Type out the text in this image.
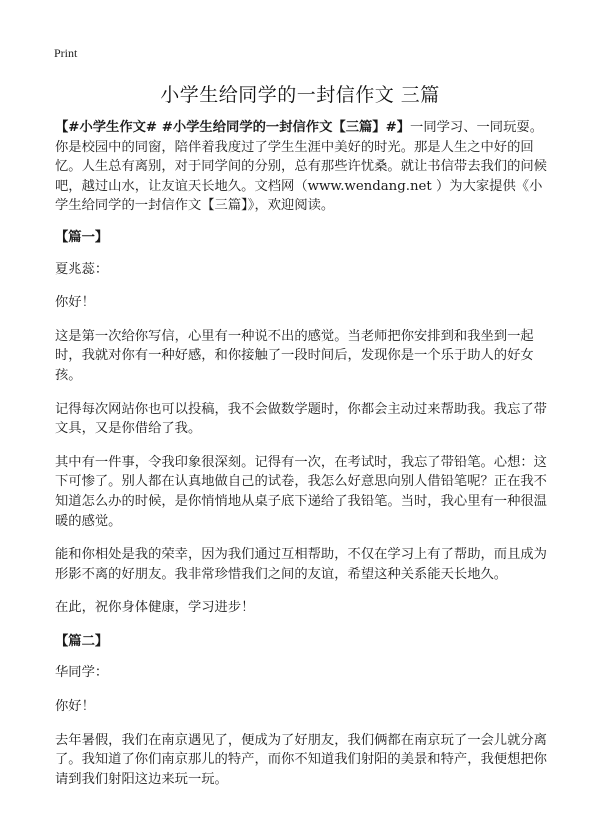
Print
小学生给同学的一封信作文 三篇

【#小学生作文# #小学生给同学的一封信作文【三篇】#】一同学习、一同玩耍。你是校园中的同窗，陪伴着我度过了学生生涯中美好的时光。那是人生之中好的回忆。人生总有离别，对于同学间的分别，总有那些许忧桑。就让书信带去我们的问候吧，越过山水，让友谊天长地久。文档网（www.wendang.net ）为大家提供《小学生给同学的一封信作文【三篇】》，欢迎阅读。

【篇一】

夏兆蕊：

你好！

这是第一次给你写信，心里有一种说不出的感觉。当老师把你安排到和我坐到一起时，我就对你有一种好感，和你接触了一段时间后，发现你是一个乐于助人的好女孩。

记得每次网站你也可以投稿，我不会做数学题时，你都会主动过来帮助我。我忘了带文具，又是你借给了我。

其中有一件事，令我印象很深刻。记得有一次，在考试时，我忘了带铅笔。心想：这下可惨了。别人都在认真地做自己的试卷，我怎么好意思向别人借铅笔呢？正在我不知道怎么办的时候，是你悄悄地从桌子底下递给了我铅笔。当时，我心里有一种很温暖的感觉。

能和你相处是我的荣幸，因为我们通过互相帮助，不仅在学习上有了帮助，而且成为形影不离的好朋友。我非常珍惜我们之间的友谊，希望这种关系能天长地久。

在此，祝你身体健康，学习进步！

【篇二】

华同学：

你好！

去年暑假，我们在南京遇见了，便成为了好朋友，我们俩都在南京玩了一会儿就分离了。我知道了你们南京那儿的特产，而你不知道我们射阳的美景和特产，我便想把你请到我们射阳这边来玩一玩。
